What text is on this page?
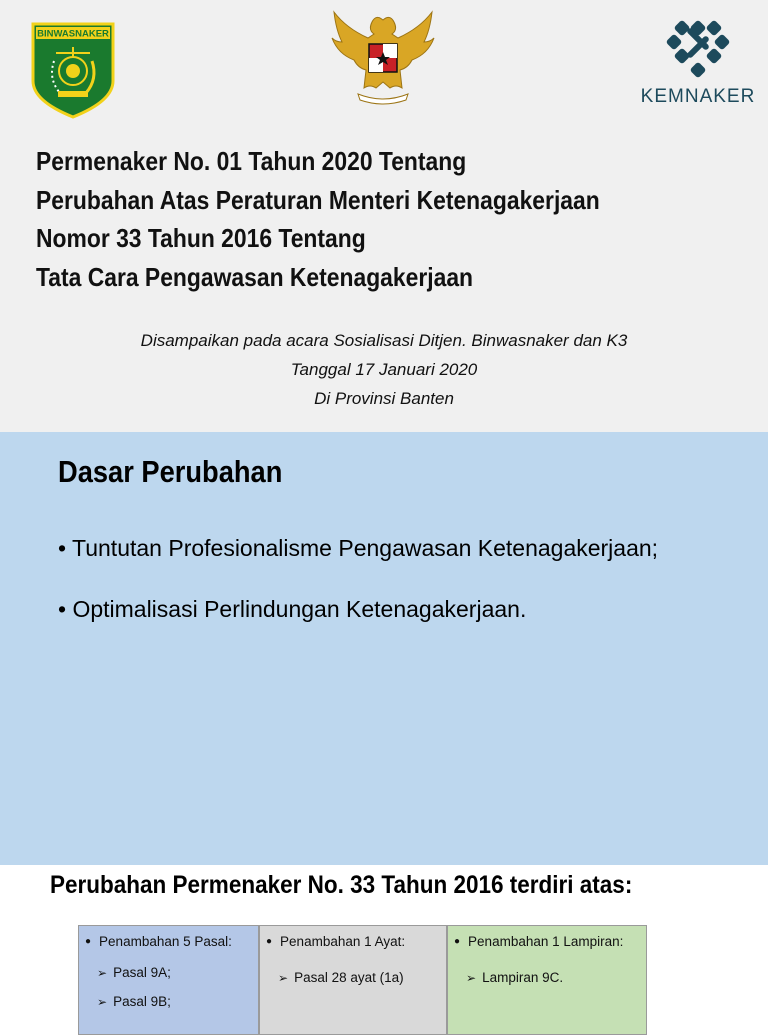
BINWASNAKER
KEMNAKER
Permenaker No. 01 Tahun 2020 Tentang
Perubahan Atas Peraturan Menteri Ketenagakerjaan
Nomor 33 Tahun 2016 Tentang
Tata Cara Pengawasan Ketenagakerjaan
Disampaikan pada acara Sosialisasi Ditjen. Binwasnaker dan K3
Tanggal 17 Januari 2020
Di Provinsi Banten
Dasar Perubahan
• Tuntutan Profesionalisme Pengawasan Ketenagakerjaan;
• Optimalisasi Perlindungan Ketenagakerjaan.
Perubahan Permenaker No. 33 Tahun 2016 terdiri atas:
● Penambahan 5 Pasal:
➢ Pasal 9A;
➢ Pasal 9B;
● Penambahan 1 Ayat:
➢ Pasal 28 ayat (1a)
● Penambahan 1 Lampiran:
➢ Lampiran 9C.
